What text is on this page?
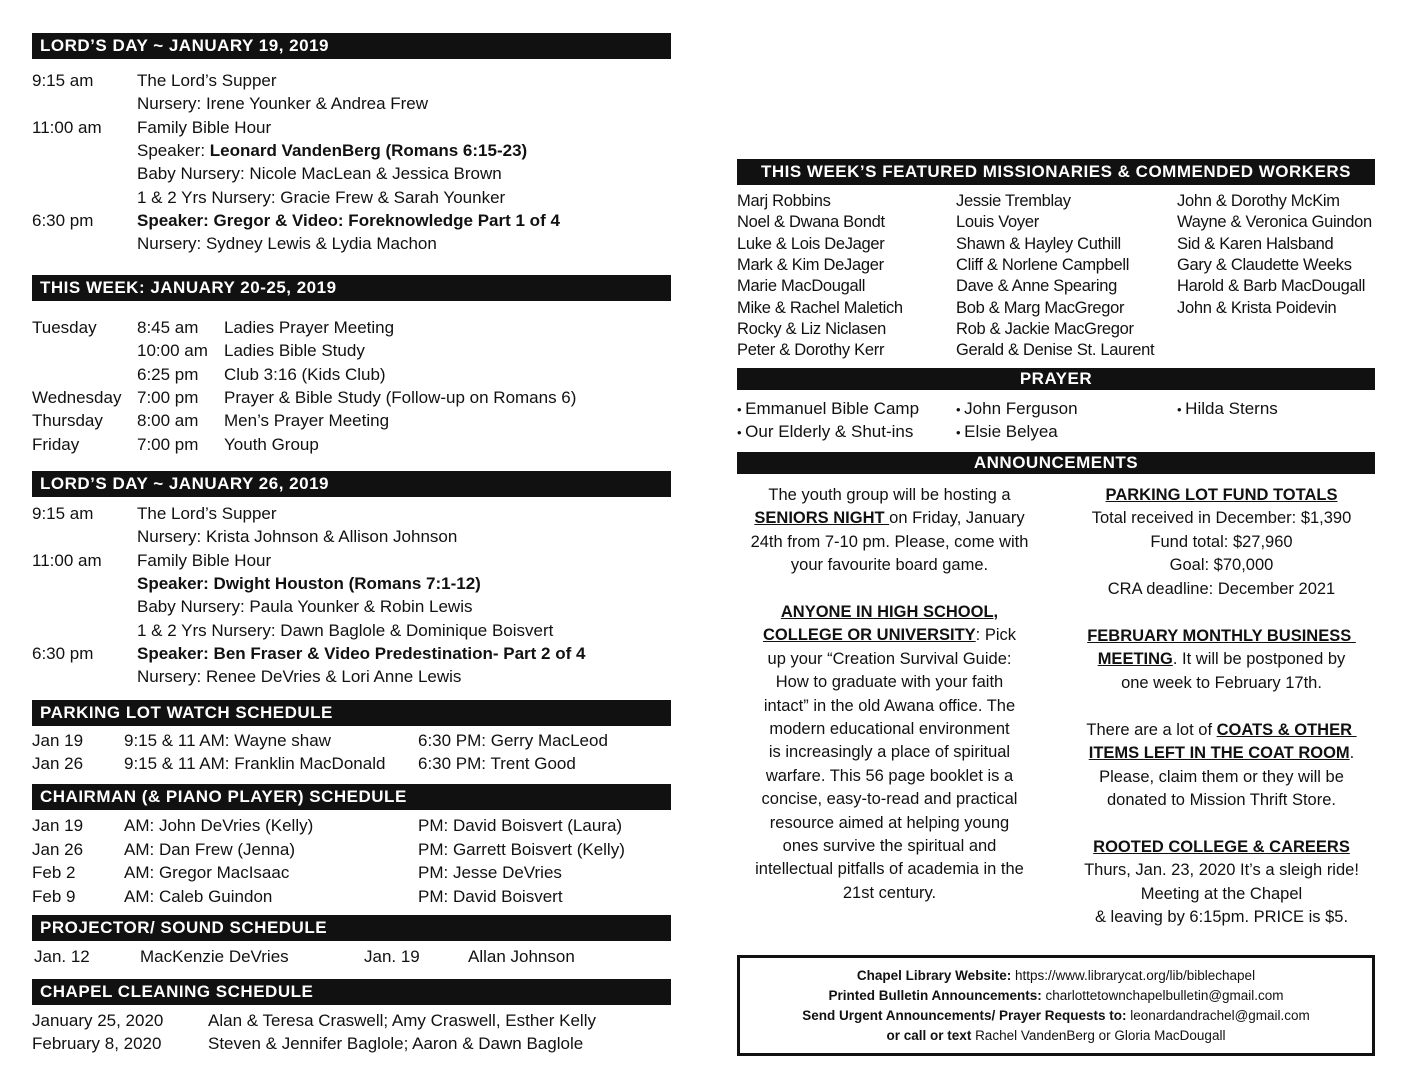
LORD’S DAY ~ JANUARY 19, 2019
9:15 am	The Lord’s Supper
Nursery: Irene Younker & Andrea Frew
11:00 am Family Bible Hour
Speaker: Leonard VandenBerg (Romans 6:15-23)
Baby Nursery: Nicole MacLean & Jessica Brown
1 & 2 Yrs Nursery: Gracie Frew & Sarah Younker
6:30 pm	Speaker: Gregor & Video: Foreknowledge Part 1 of 4
Nursery: Sydney Lewis & Lydia Machon
THIS WEEK: JANUARY 20-25, 2019
Tuesday 8:45 am Ladies Prayer Meeting
10:00 am Ladies Bible Study
6:25 pm Club 3:16 (Kids Club)
Wednesday 7:00 pm Prayer & Bible Study (Follow-up on Romans 6)
Thursday 8:00 am Men’s Prayer Meeting
Friday	7:00 pm Youth Group
LORD’S DAY ~ JANUARY 26, 2019
9:15 am	The Lord’s Supper
Nursery: Krista Johnson & Allison Johnson
11:00 am Family Bible Hour
Speaker: Dwight Houston (Romans 7:1-12)
Baby Nursery: Paula Younker & Robin Lewis
1 & 2 Yrs Nursery: Dawn Baglole & Dominique Boisvert
6:30 pm	Speaker: Ben Fraser & Video Predestination- Part 2 of 4
Nursery: Renee DeVries & Lori Anne Lewis
PARKING LOT WATCH SCHEDULE
Jan 19 9:15 & 11 AM: Wayne shaw	6:30 PM: Gerry MacLeod
Jan 26 9:15 & 11 AM: Franklin MacDonald 6:30 PM: Trent Good
CHAIRMAN (& PIANO PLAYER) SCHEDULE
Jan 19 AM: John DeVries (Kelly)	PM: David Boisvert (Laura)
Jan 26 AM: Dan Frew (Jenna)	PM: Garrett Boisvert (Kelly)
Feb 2	AM: Gregor MacIsaac	PM: Jesse DeVries
Feb 9	AM: Caleb Guindon	PM: David Boisvert
PROJECTOR/ SOUND SCHEDULE
Jan. 12	MacKenzie DeVries	Jan. 19	Allan Johnson
CHAPEL CLEANING SCHEDULE
January 25, 2020	Alan & Teresa Craswell; Amy Craswell, Esther Kelly
February 8, 2020	Steven & Jennifer Baglole; Aaron & Dawn Baglole
THIS WEEK’S FEATURED MISSIONARIES & COMMENDED WORKERS
Marj Robbins
Noel & Dwana Bondt
Luke & Lois DeJager
Mark & Kim DeJager
Marie MacDougall
Mike & Rachel Maletich
Rocky & Liz Niclasen
Peter & Dorothy Kerr
Jessie Tremblay
Louis Voyer
Shawn & Hayley Cuthill
Cliff & Norlene Campbell
Dave & Anne Spearing
Bob & Marg MacGregor
Rob & Jackie MacGregor
Gerald & Denise St. Laurent
John & Dorothy McKim
Wayne & Veronica Guindon
Sid & Karen Halsband
Gary & Claudette Weeks
Harold & Barb MacDougall
John & Krista Poidevin
PRAYER
• Emmanuel Bible Camp
• Our Elderly & Shut-ins
• John Ferguson
• Elsie Belyea
• Hilda Sterns
ANNOUNCEMENTS
The youth group will be hosting a
SENIORS NIGHT on Friday, January
24th from 7-10 pm. Please, come with
your favourite board game.
ANYONE IN HIGH SCHOOL,
COLLEGE OR UNIVERSITY: Pick
up your “Creation Survival Guide:
How to graduate with your faith
intact” in the old Awana office. The
modern educational environment
is increasingly a place of spiritual
warfare. This 56 page booklet is a
concise, easy-to-read and practical
resource aimed at helping young
ones survive the spiritual and
intellectual pitfalls of academia in the
21st century.
PARKING LOT FUND TOTALS
Total received in December: $1,390
Fund total: $27,960
Goal: $70,000
CRA deadline: December 2021
FEBRUARY MONTHLY BUSINESS
MEETING. It will be postponed by
one week to February 17th.
There are a lot of COATS & OTHER
ITEMS LEFT IN THE COAT ROOM.
Please, claim them or they will be
donated to Mission Thrift Store.
ROOTED COLLEGE & CAREERS
Thurs, Jan. 23, 2020 It’s a sleigh ride!
Meeting at the Chapel
& leaving by 6:15pm. PRICE is $5.
Chapel Library Website: https://www.librarycat.org/lib/biblechapel
Printed Bulletin Announcements: charlottetownchapelbulletin@gmail.com
Send Urgent Announcements/ Prayer Requests to: leonardandrachel@gmail.com
or call or text Rachel VandenBerg or Gloria MacDougall
